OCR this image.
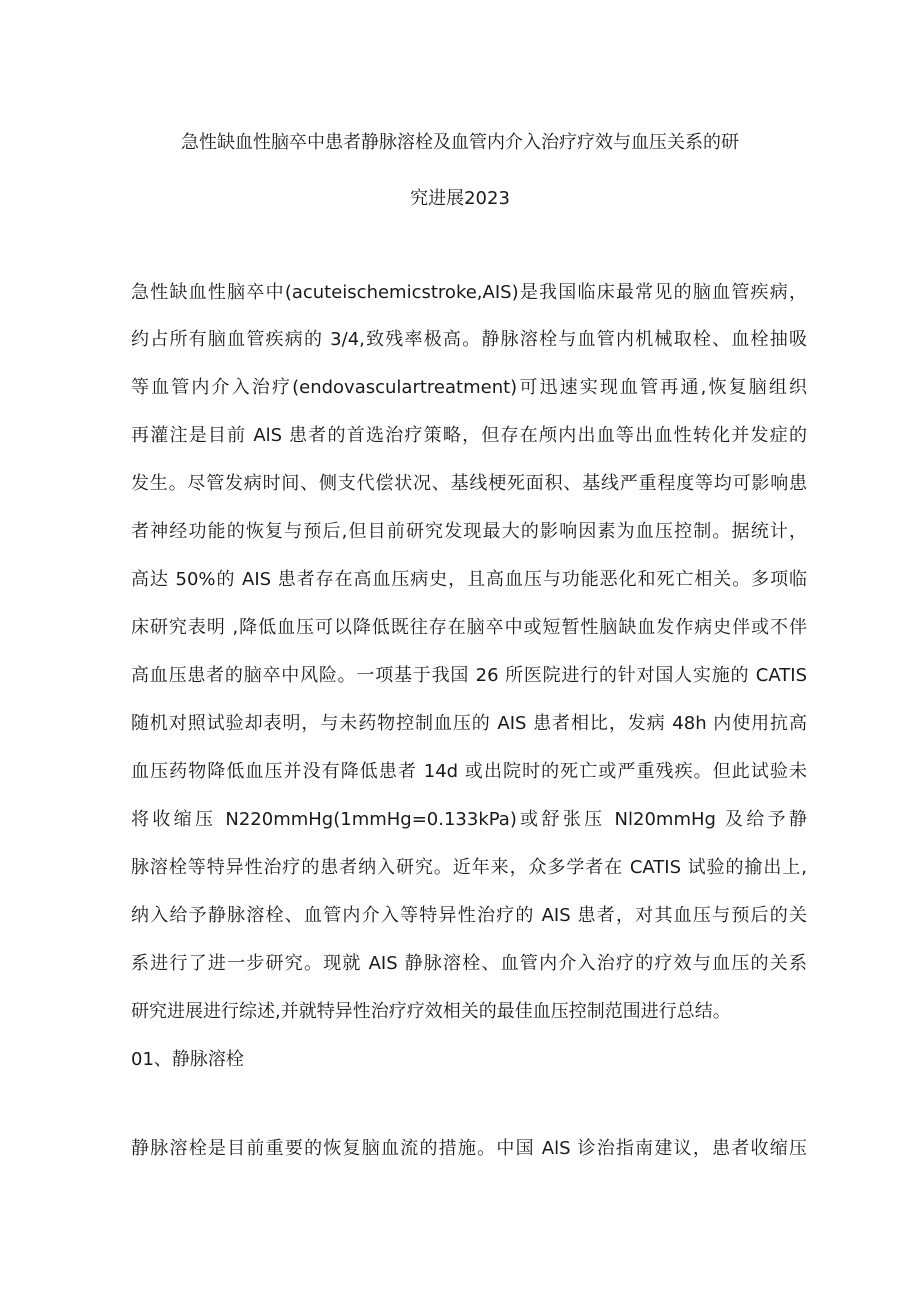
急性缺血性脑卒中患者静脉溶栓及血管内介入治疗疗效与血压关系的研
究进展2023
急性缺血性脑卒中(acuteischemicstroke,AIS)是我国临床最常见的脑血管疾病，
约占所有脑血管疾病的 3/4,致残率极高。静脉溶栓与血管内机械取栓、血栓抽吸
等血管内介入治疗(endovasculartreatment)可迅速实现血管再通,恢复脑组织
再灌注是目前 AlS 患者的首选治疗策略，但存在颅内出血等出血性转化并发症的
发生。尽管发病时间、侧支代偿状况、基线梗死面积、基线严重程度等均可影响患
者神经功能的恢复与预后,但目前研究发现最大的影响因素为血压控制。据统计，
高达 50%的 AIS 患者存在高血压病史，且高血压与功能恶化和死亡相关。多项临
床研究表明 ,降低血压可以降低既往存在脑卒中或短暂性脑缺血发作病史伴或不伴
高血压患者的脑卒中风险。一项基于我国 26 所医院进行的针对国人实施的 CATIS
随机对照试验却表明，与未药物控制血压的 AIS 患者相比，发病 48h 内使用抗高
血压药物降低血压并没有降低患者 14d 或出院时的死亡或严重残疾。但此试验未
将收缩压 N220mmHg(1mmHg=0.133kPa)或舒张压 Nl20mmHg 及给予静
脉溶栓等特异性治疗的患者纳入研究。近年来，众多学者在 CATIS 试验的揄出上,
纳入给予静脉溶栓、血管内介入等特异性治疗的 AIS 患者，对其血压与预后的关
系进行了进一步研究。现就 AIS 静脉溶栓、血管内介入治疗的疗效与血压的关系
研究进展进行综述,并就特异性治疗疗效相关的最佳血压控制范围进行总结。
01、静脉溶栓
静脉溶栓是目前重要的恢复脑血流的措施。中国 AlS 诊治指南建议，患者收缩压
